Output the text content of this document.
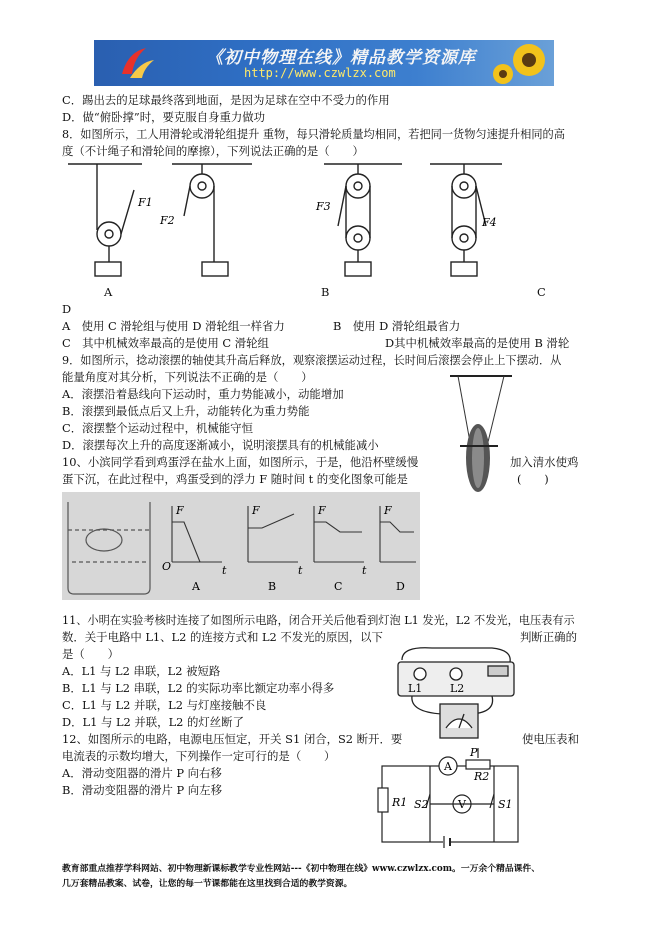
《初中物理在线》精品教学资源库
http://www.czwlzx.com
C．踢出去的足球最终落到地面，是因为足球在空中不受力的作用
D．做“俯卧撑”时，要克服自身重力做功
8．如图所示，工人用滑轮或滑轮组提升 重物，每只滑轮质量均相同，若把同一货物匀速提升相同的高
度（不计绳子和滑轮间的摩擦），下列说法正确的是（　　）
F1
F2
F3
F4
A	B	C
D
A　使用 C 滑轮组与使用 D 滑轮组一样省力	B　使用 D 滑轮组最省力
C　其中机械效率最高的是使用 C 滑轮组	D其中机械效率最高的是使用 B 滑轮
9．如图所示，捻动滚摆的轴使其升高后释放，观察滚摆运动过程，长时间后滚摆会停止上下摆动．从
能量角度对其分析，下列说法不正确的是（　　）
A．滚摆沿着悬线向下运动时，重力势能减小，动能增加
B．滚摆到最低点后又上升，动能转化为重力势能
C．滚摆整个运动过程中，机械能守恒
D．滚摆每次上升的高度逐渐减小，说明滚摆具有的机械能减小
10、小滨同学看到鸡蛋浮在盐水上面，如图所示，于是，他沿杯壁缓慢	加入清水使鸡
蛋下沉，在此过程中，鸡蛋受到的浮力 F 随时间 t 的变化图象可能是	(　　)
F
O	t
F
t
F
t
F
A	B	C	D
11、小明在实验考核时连接了如图所示电路，闭合开关后他看到灯泡 L1 发光，L2 不发光，电压表有示
数．关于电路中 L1、L2 的连接方式和 L2 不发光的原因，以下	判断正确的
是（　　）
A．L1 与 L2 串联，L2 被短路
B．L1 与 L2 串联，L2 的实际功率比额定功率小得多
C．L1 与 L2 并联，L2 与灯座接触不良
D．L1 与 L2 并联，L2 的灯丝断了
L1	L2
12、如图所示的电路，电源电压恒定，开关 S1 闭合，S2 断开．要	使电压表和
电流表的示数均增大，下列操作一定可行的是（　　）
A．滑动变阻器的滑片 P 向右移
B．滑动变阻器的滑片 P 向左移
A
V
R1
R2
P
S2	S1
教育部重点推荐学科网站、初中物理新课标教学专业性网站---《初中物理在线》www.czwlzx.com。一万余个精品课件、
几万套精品教案、试卷，让您的每一节课都能在这里找到合适的教学资源。
